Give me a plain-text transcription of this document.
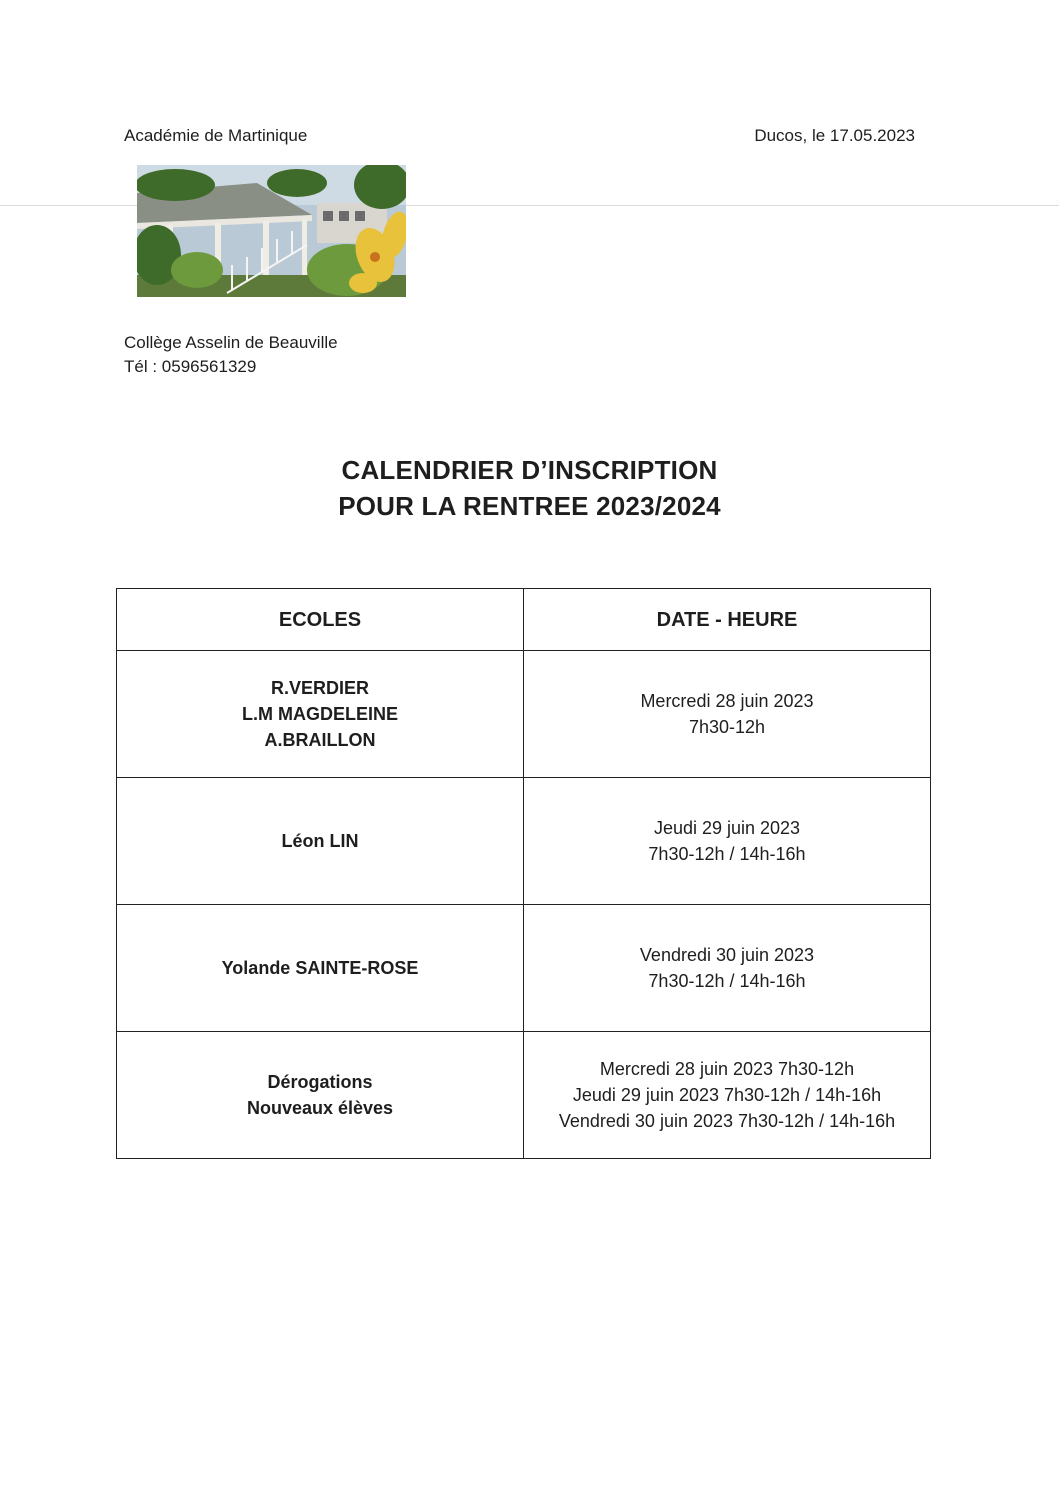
Académie de Martinique	Ducos, le 17.05.2023
Collège Asselin de Beauville
Tél : 0596561329
CALENDRIER D’INSCRIPTION
POUR LA RENTREE 2023/2024
ECOLES	DATE - HEURE

R.VERDIER
L.M MAGDELEINE
A.BRAILLON	Mercredi 28 juin 2023
7h30-12h

Léon LIN	Jeudi 29 juin 2023
7h30-12h / 14h-16h

Yolande SAINTE-ROSE	Vendredi 30 juin 2023
7h30-12h / 14h-16h

Dérogations
Nouveaux élèves	Mercredi 28 juin 2023 7h30-12h
Jeudi 29 juin 2023 7h30-12h / 14h-16h
Vendredi 30 juin 2023 7h30-12h / 14h-16h
